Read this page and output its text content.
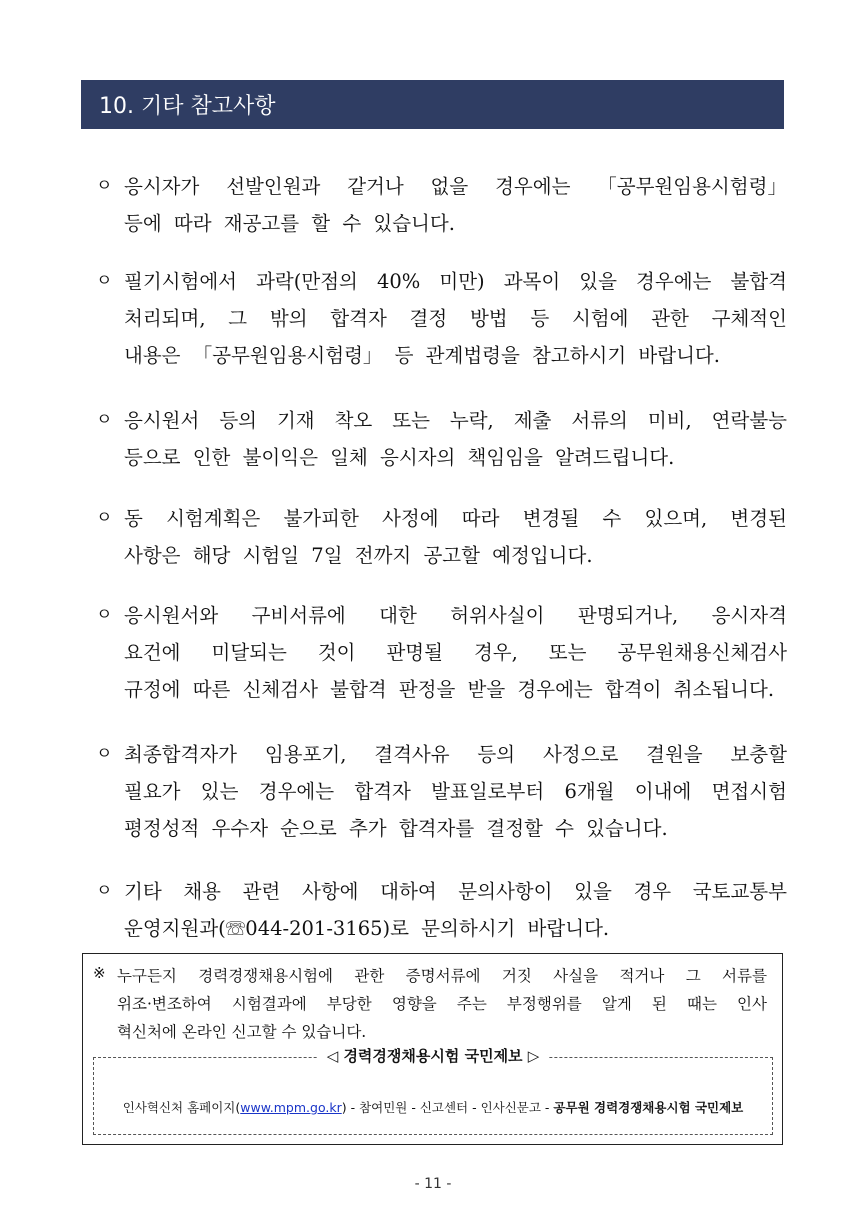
10. 기타 참고사항
ㅇ 응시자가 선발인원과 같거나 없을 경우에는 「공무원임용시험령」
등에 따라 재공고를 할 수 있습니다.
ㅇ 필기시험에서 과락(만점의 40% 미만) 과목이 있을 경우에는 불합격
처리되며, 그 밖의 합격자 결정 방법 등 시험에 관한 구체적인
내용은 「공무원임용시험령」 등 관계법령을 참고하시기 바랍니다.
ㅇ 응시원서 등의 기재 착오 또는 누락, 제출 서류의 미비, 연락불능
등으로 인한 불이익은 일체 응시자의 책임임을 알려드립니다.
ㅇ 동 시험계획은 불가피한 사정에 따라 변경될 수 있으며, 변경된
사항은 해당 시험일 7일 전까지 공고할 예정입니다.
ㅇ 응시원서와 구비서류에 대한 허위사실이 판명되거나, 응시자격
요건에 미달되는 것이 판명될 경우, 또는 공무원채용신체검사
규정에 따른 신체검사 불합격 판정을 받을 경우에는 합격이 취소됩니다.
ㅇ 최종합격자가 임용포기, 결격사유 등의 사정으로 결원을 보충할
필요가 있는 경우에는 합격자 발표일로부터 6개월 이내에 면접시험
평정성적 우수자 순으로 추가 합격자를 결정할 수 있습니다.
ㅇ 기타 채용 관련 사항에 대하여 문의사항이 있을 경우 국토교통부
운영지원과(☏044-201-3165)로 문의하시기 바랍니다.
※ 누구든지 경력경쟁채용시험에 관한 증명서류에 거짓 사실을 적거나 그 서류를
위조·변조하여 시험결과에 부당한 영향을 주는 부정행위를 알게 된 때는 인사
혁신처에 온라인 신고할 수 있습니다.
◁ 경력경쟁채용시험 국민제보 ▷
인사혁신처 홈페이지(www.mpm.go.kr) - 참여민원 - 신고센터 - 인사신문고 - 공무원 경력경쟁채용시험 국민제보
- 11 -
